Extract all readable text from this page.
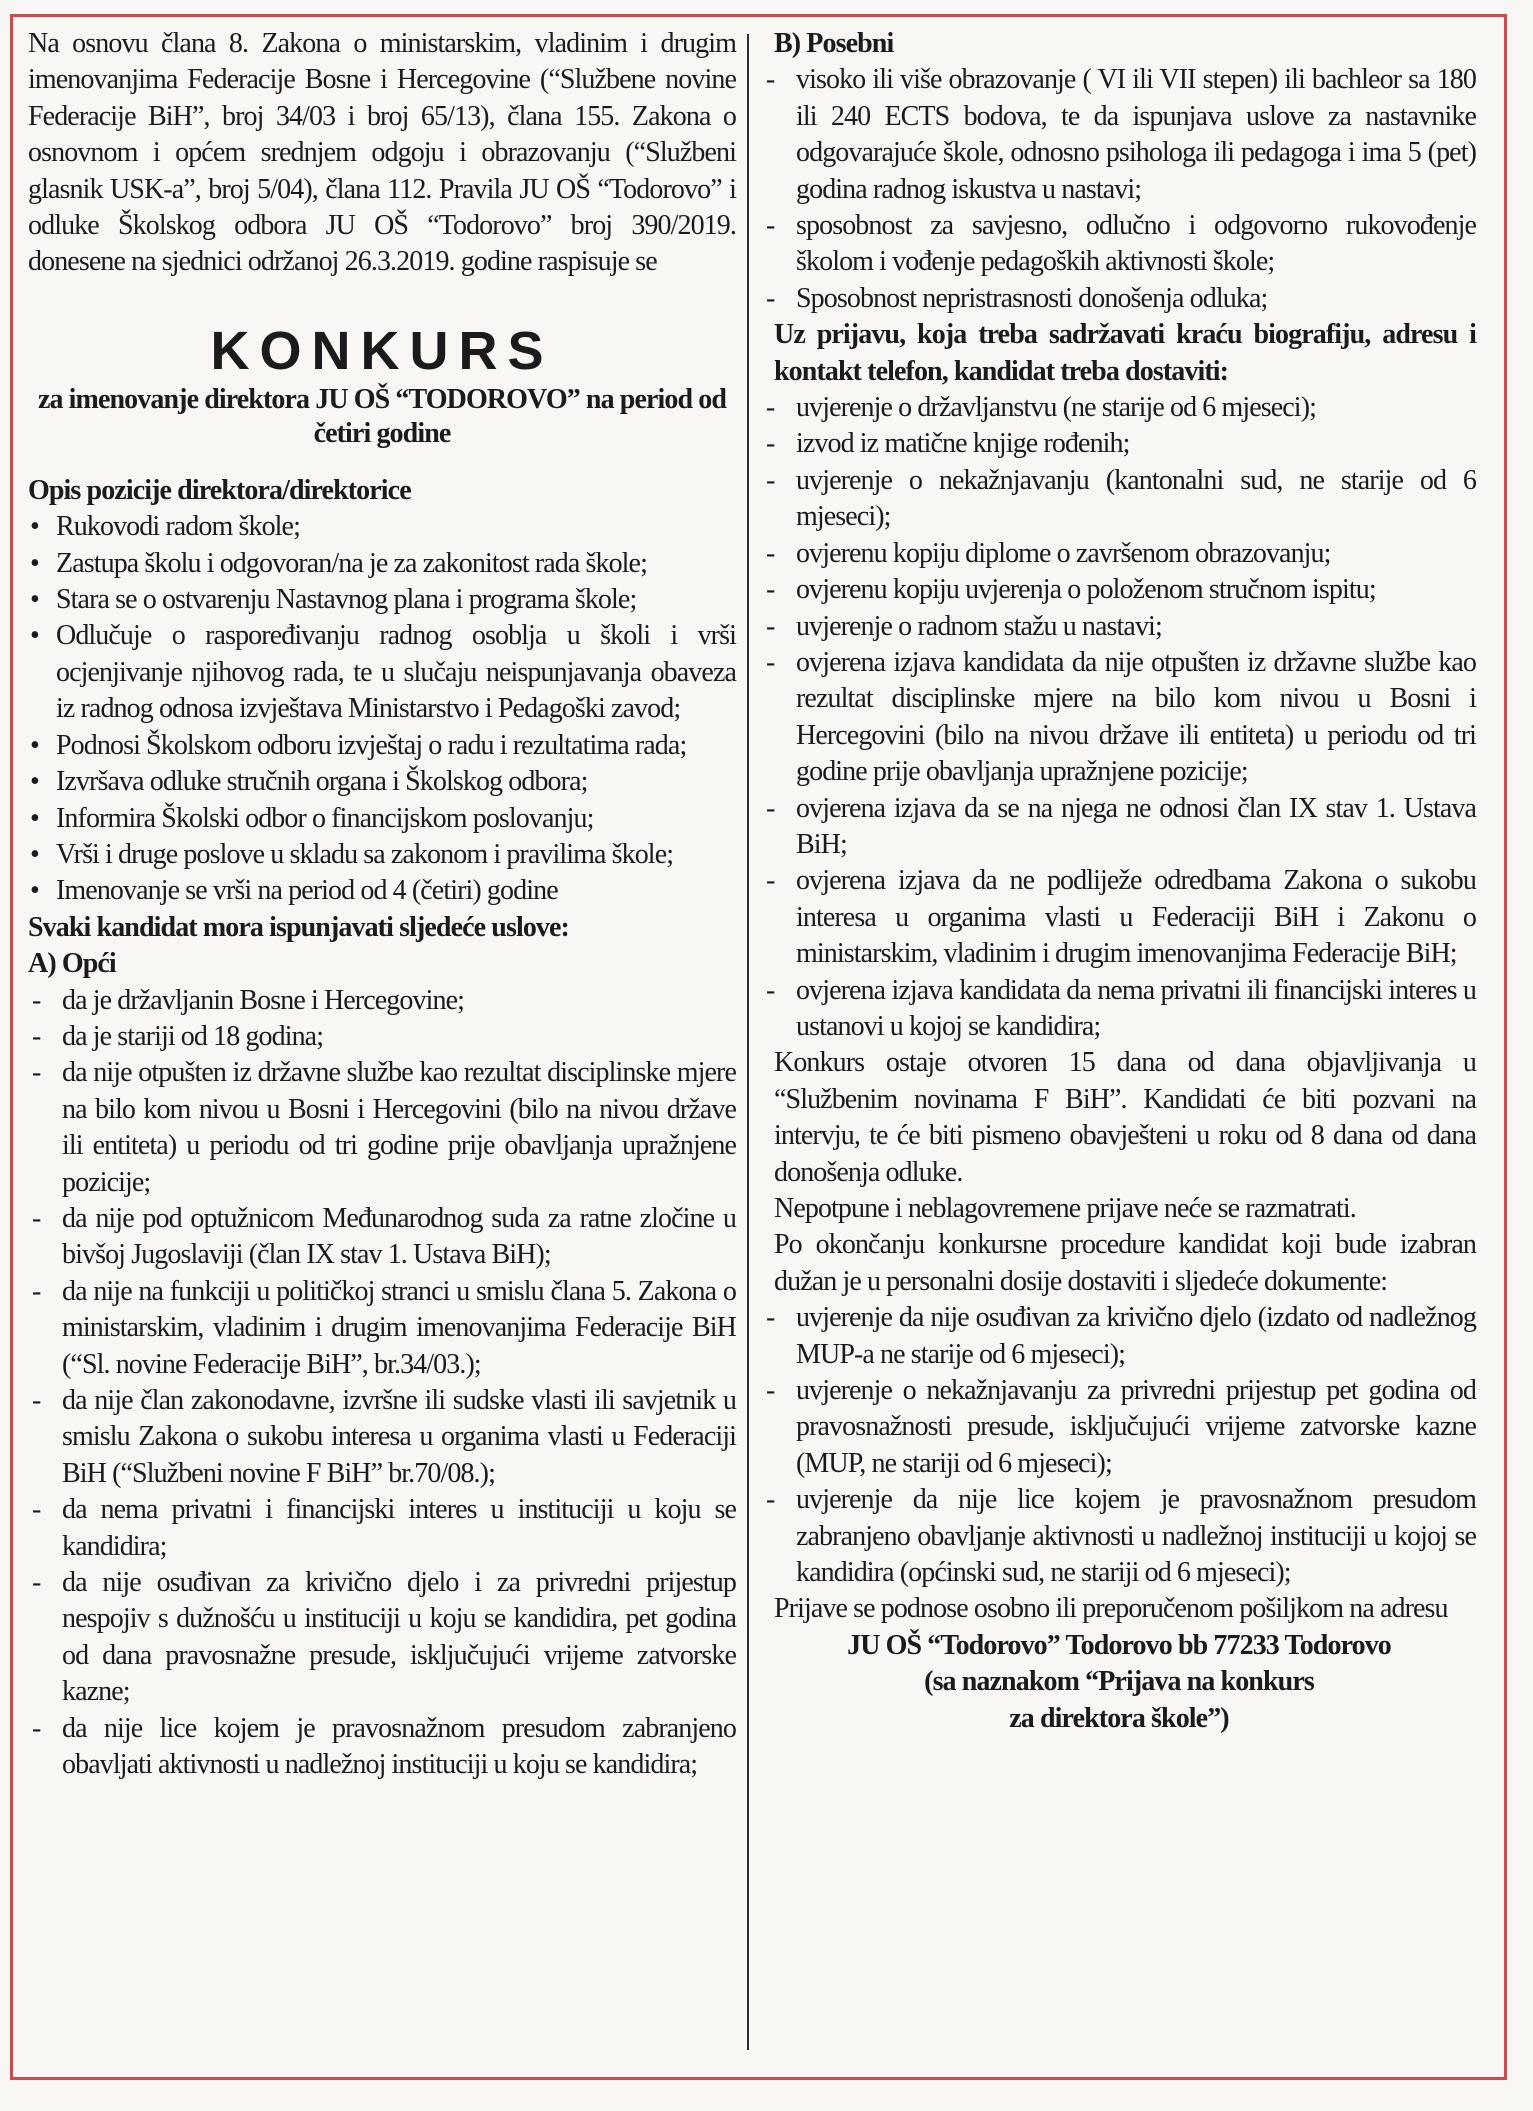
Na osnovu člana 8. Zakona o ministarskim, vladinim i drugim imenovanjima Federacije Bosne i Hercegovine (“Službene novine Federacije BiH”, broj 34/03 i broj 65/13), člana 155. Zakona o osnovnom i općem srednjem odgoju i obrazovanju (“Službeni glasnik USK-a”, broj 5/04), člana 112. Pravila JU OŠ “Todorovo” i odluke Školskog odbora JU OŠ “Todorovo” broj 390/2019. donesene na sjednici održanoj 26.3.2019. godine raspisuje se

KONKURS
za imenovanje direktora JU OŠ “TODOROVO” na period od četiri godine
Opis pozicije direktora/direktorice
• Rukovodi radom škole;
• Zastupa školu i odgovoran/na je za zakonitost rada škole;
• Stara se o ostvarenju Nastavnog plana i programa škole;
• Odlučuje o raspoređivanju radnog osoblja u školi i vrši ocjenjivanje njihovog rada, te u slučaju neispunjavanja obaveza iz radnog odnosa izvještava Ministarstvo i Pedagoški zavod;
• Podnosi Školskom odboru izvještaj o radu i rezultatima rada;
• Izvršava odluke stručnih organa i Školskog odbora;
• Informira Školski odbor o financijskom poslovanju;
• Vrši i druge poslove u skladu sa zakonom i pravilima škole;
• Imenovanje se vrši na period od 4 (četiri) godine
Svaki kandidat mora ispunjavati sljedeće uslove:
A) Opći
- da je državljanin Bosne i Hercegovine;
- da je stariji od 18 godina;
- da nije otpušten iz državne službe kao rezultat disciplinske mjere na bilo kom nivou u Bosni i Hercegovini (bilo na nivou države ili entiteta) u periodu od tri godine prije obavljanja upražnjene pozicije;
- da nije pod optužnicom Međunarodnog suda za ratne zločine u bivšoj Jugoslaviji (član IX stav 1. Ustava BiH);
- da nije na funkciji u političkoj stranci u smislu člana 5. Zakona o ministarskim, vladinim i drugim imenovanjima Federacije BiH (“Sl. novine Federacije BiH”, br.34/03.);
- da nije član zakonodavne, izvršne ili sudske vlasti ili savjetnik u smislu Zakona o sukobu interesa u organima vlasti u Federaciji BiH (“Službeni novine F BiH” br.70/08.);
- da nema privatni i financijski interes u instituciji u koju se kandidira;
- da nije osuđivan za krivično djelo i za privredni prijestup nespojiv s dužnošću u instituciji u koju se kandidira, pet godina od dana pravosnažne presude, isključujući vrijeme zatvorske kazne;
- da nije lice kojem je pravosnažnom presudom zabranjeno obavljati aktivnosti u nadležnoj instituciji u koju se kandidira;
B) Posebni
- visoko ili više obrazovanje ( VI ili VII stepen) ili bachleor sa 180 ili 240 ECTS bodova, te da ispunjava uslove za nastavnike odgovarajuće škole, odnosno psihologa ili pedagoga i ima 5 (pet) godina radnog iskustva u nastavi;
- sposobnost za savjesno, odlučno i odgovorno rukovođenje školom i vođenje pedagoških aktivnosti škole;
- Sposobnost nepristrasnosti donošenja odluka;

Uz prijavu, koja treba sadržavati kraću biografiju, adresu i kontakt telefon, kandidat treba dostaviti:

- uvjerenje o državljanstvu (ne starije od 6 mjeseci);
- izvod iz matične knjige rođenih;
- uvjerenje o nekažnjavanju (kantonalni sud, ne starije od 6 mjeseci);
- ovjerenu kopiju diplome o završenom obrazovanju;
- ovjerenu kopiju uvjerenja o položenom stručnom ispitu;
- uvjerenje o radnom stažu u nastavi;
- ovjerena izjava kandidata da nije otpušten iz državne službe kao rezultat disciplinske mjere na bilo kom nivou u Bosni i Hercegovini (bilo na nivou države ili entiteta) u periodu od tri godine prije obavljanja upražnjene pozicije;
- ovjerena izjava da se na njega ne odnosi član IX stav 1. Ustava BiH;
- ovjerena izjava da ne podliježe odredbama Zakona o sukobu interesa u organima vlasti u Federaciji BiH i Zakonu o ministarskim, vladinim i drugim imenovanjima Federacije BiH;
- ovjerena izjava kandidata da nema privatni ili financijski interes u ustanovi u kojoj se kandidira;

Konkurs ostaje otvoren 15 dana od dana objavljivanja u “Službenim novinama F BiH”. Kandidati će biti pozvani na intervju, te će biti pismeno obavješteni u roku od 8 dana od dana donošenja odluke.

Nepotpune i neblagovremene prijave neće se razmatrati.

Po okončanju konkursne procedure kandidat koji bude izabran dužan je u personalni dosije dostaviti i sljedeće dokumente:

- uvjerenje da nije osuđivan za krivično djelo (izdato od nadležnog MUP-a ne starije od 6 mjeseci);
- uvjerenje o nekažnjavanju za privredni prijestup pet godina od pravosnažnosti presude, isključujući vrijeme zatvorske kazne (MUP, ne stariji od 6 mjeseci);
- uvjerenje da nije lice kojem je pravosnažnom presudom zabranjeno obavljanje aktivnosti u nadležnoj instituciji u kojoj se kandidira (općinski sud, ne stariji od 6 mjeseci);

Prijave se podnose osobno ili preporučenom pošiljkom na adresu

JU OŠ “Todorovo” Todorovo bb 77233 Todorovo
(sa naznakom “Prijava na konkurs
za direktora škole”)
